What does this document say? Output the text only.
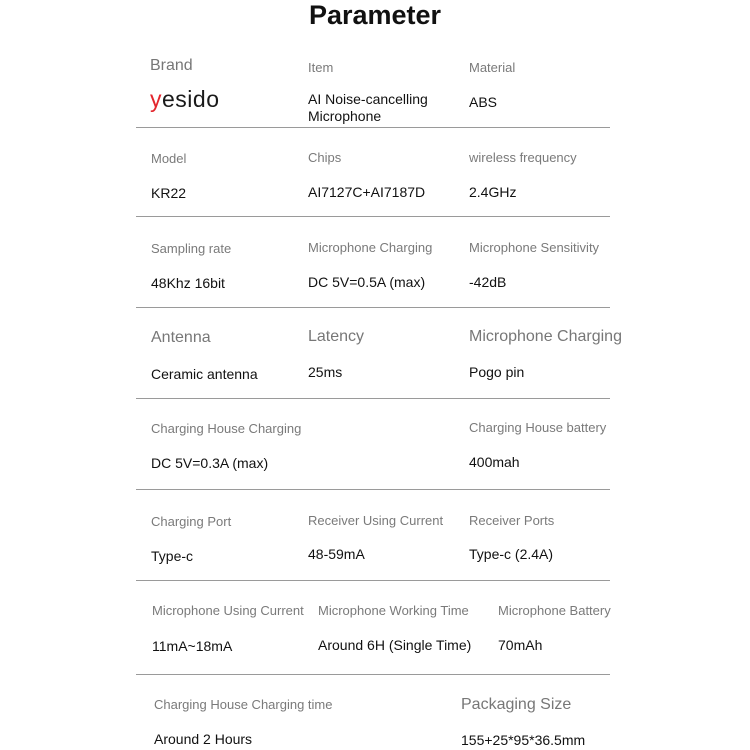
Parameter
Brand
yesido
Item
AI Noise-cancelling
Microphone
Material
ABS
Model
KR22
Chips
AI7127C+AI7187D
wireless frequency
2.4GHz
Sampling rate
48Khz 16bit
Microphone Charging
DC 5V=0.5A (max)
Microphone Sensitivity
-42dB
Antenna
Ceramic antenna
Latency
25ms
Microphone Charging
Pogo pin
Charging House Charging
DC 5V=0.3A (max)
Charging House battery
400mah
Charging Port
Type-c
Receiver Using Current
48-59mA
Receiver Ports
Type-c (2.4A)
Microphone Using Current
11mA~18mA
Microphone Working Time
Around 6H (Single Time)
Microphone Battery
70mAh
Charging House Charging time
Around 2 Hours
Packaging Size
155+25*95*36.5mm
